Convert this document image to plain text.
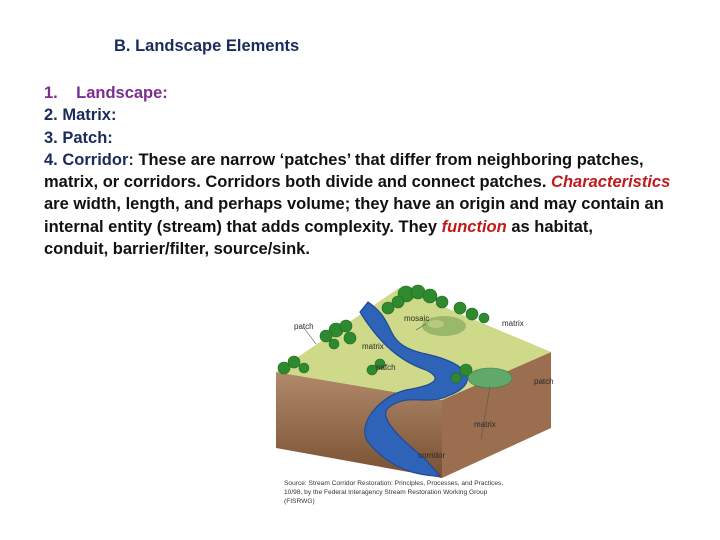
B. Landscape Elements
1. Landscape:
2. Matrix:
3. Patch:
4. Corridor: These are narrow ‘patches’ that differ from neighboring patches,
matrix, or corridors. Corridors both divide and connect patches. Characteristics
are width, length, and perhaps volume; they have an origin and may contain an
internal entity (stream) that adds complexity. They function as habitat,
conduit, barrier/filter, source/sink.
patch
matrix
patch
mosaic
matrix
patch
matrix
corridor
Source: Stream Corridor Restoration: Principles, Processes, and Practices,
10/98, by the Federal Interagency Stream Restoration Working Group
(FISRWG)
